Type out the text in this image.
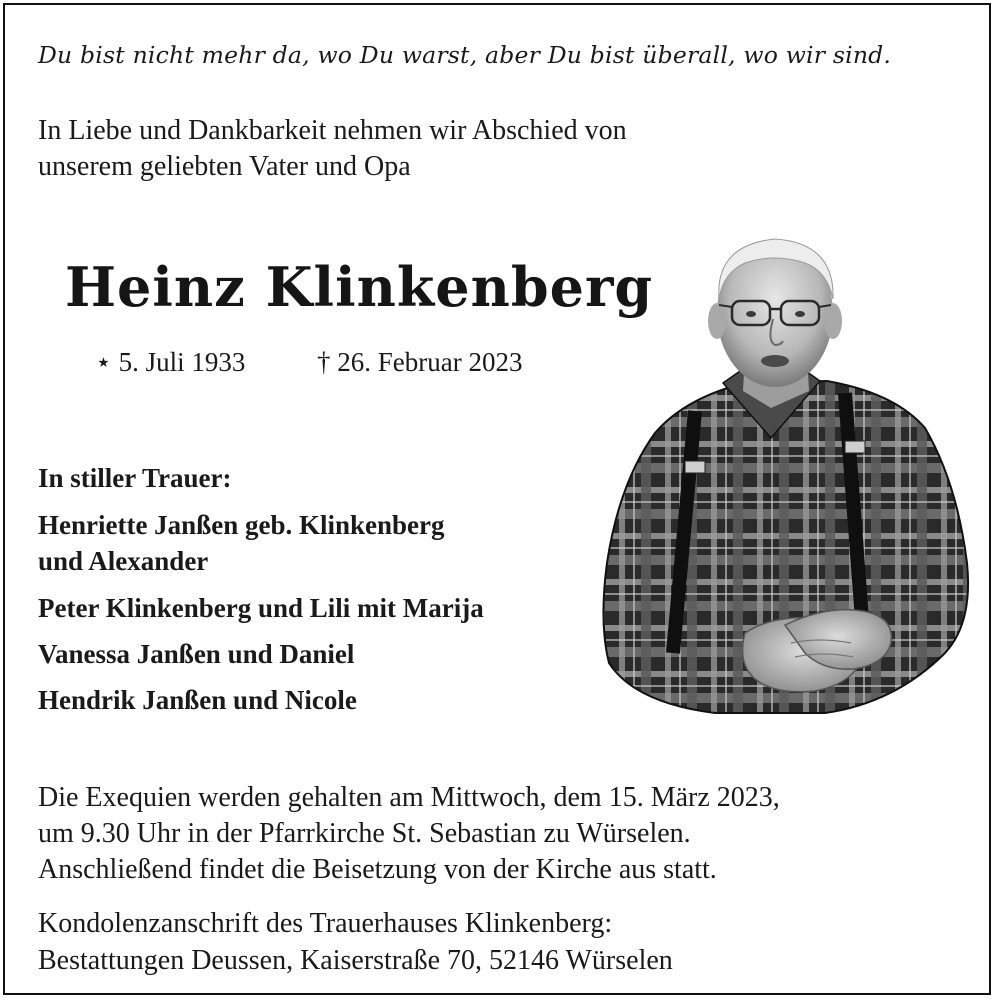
Du bist nicht mehr da, wo Du warst, aber Du bist überall, wo wir sind.
In Liebe und Dankbarkeit nehmen wir Abschied von
unserem geliebten Vater und Opa
Heinz Klinkenberg
⋆ 5. Juli 1933	† 26. Februar 2023
In stiller Trauer:
Henriette Janßen geb. Klinkenberg
und Alexander
Peter Klinkenberg und Lili mit Marija
Vanessa Janßen und Daniel
Hendrik Janßen und Nicole
Die Exequien werden gehalten am Mittwoch, dem 15. März 2023,
um 9.30 Uhr in der Pfarrkirche St. Sebastian zu Würselen.
Anschließend findet die Beisetzung von der Kirche aus statt.
Kondolenzanschrift des Trauerhauses Klinkenberg:
Bestattungen Deussen, Kaiserstraße 70, 52146 Würselen
